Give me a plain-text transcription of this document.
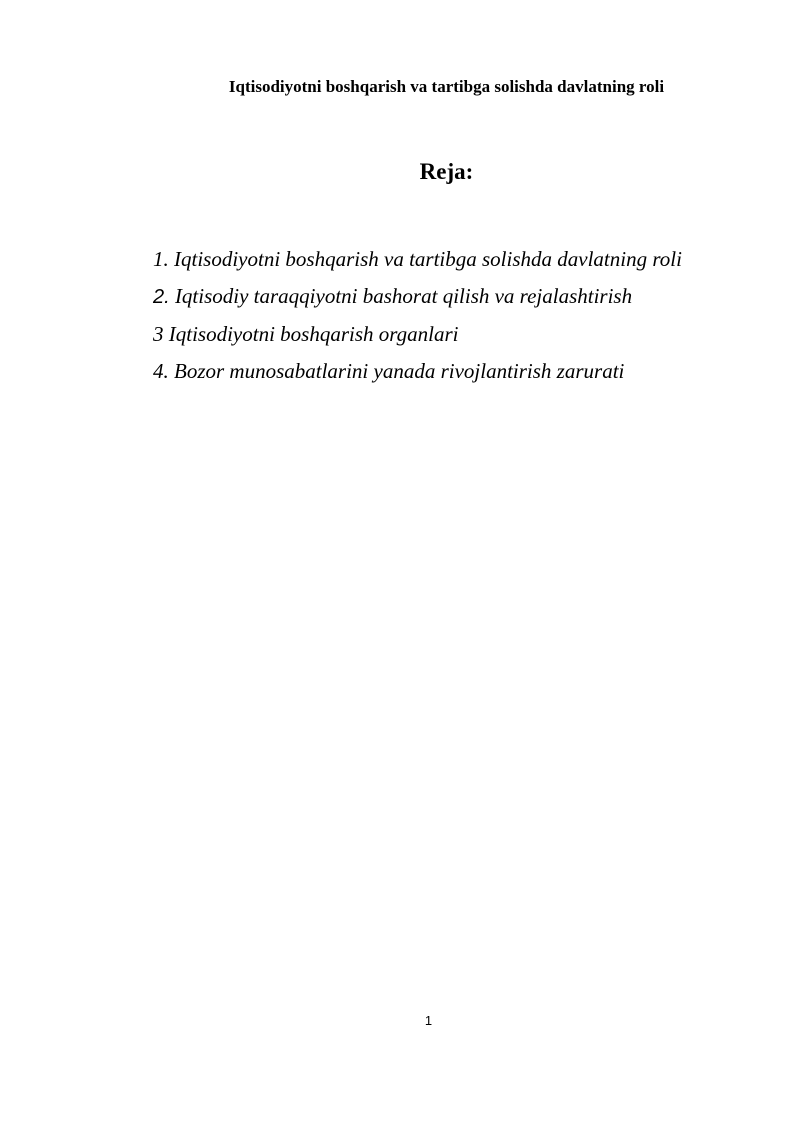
Iqtisodiyotni boshqarish va tartibga solishda davlatning roli
Reja:
1. Iqtisodiyotni boshqarish va tartibga solishda davlatning roli
2. Iqtisodiy taraqqiyotni bashorat qilish va rejalashtirish
3 Iqtisodiyotni boshqarish organlari
4. Bozor munosabatlarini yanada rivojlantirish zarurati
1
